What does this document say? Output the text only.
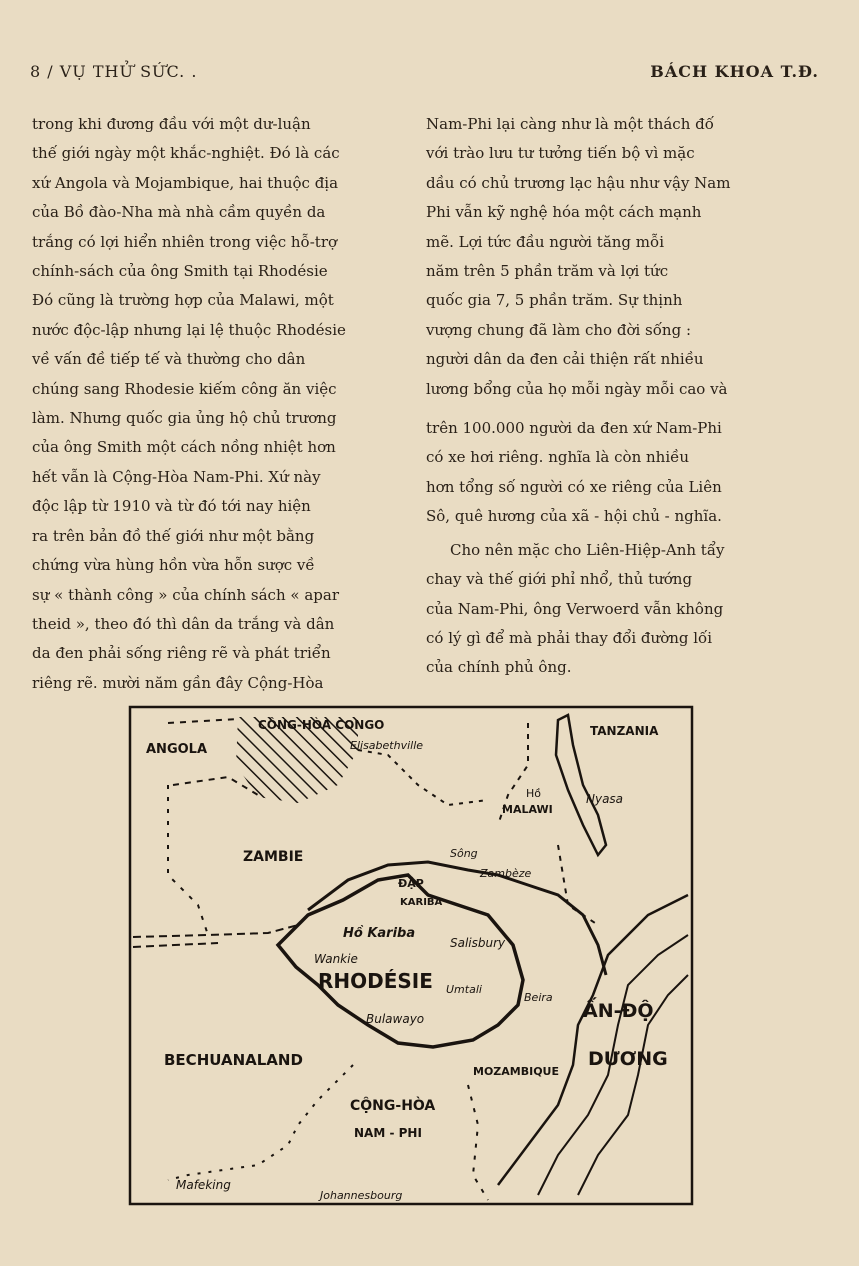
8 / VỤ THỬ SỨC. .	BÁCH KHOA T.Đ.

trong khi đương đầu với một dư-luận
thế giới ngày một khắc-nghiệt. Đó là các
xứ Angola và Mojambique, hai thuộc địa
của Bồ đào-Nha mà nhà cầm quyền da
trắng có lợi hiển nhiên trong việc hỗ-trợ
chính-sách của ông Smith tại Rhodésie
Đó cũng là trường hợp của Malawi, một
nước độc-lập nhưng lại lệ thuộc Rhodésie
về vấn đề tiếp tế và thường cho dân
chúng sang Rhodesie kiếm công ăn việc
làm. Nhưng quốc gia ủng hộ chủ trương
của ông Smith một cách nồng nhiệt hơn
hết vẫn là Cộng-Hòa Nam-Phi. Xứ này
độc lập từ 1910 và từ đó tới nay hiện
ra trên bản đồ thế giới như một bằng
chứng vừa hùng hồn vừa hỗn sược về
sự « thành công » của chính sách « apar
theid », theo đó thì dân da trắng và dân
da đen phải sống riêng rẽ và phát triển
riêng rẽ. mười năm gần đây Cộng-Hòa

Nam-Phi lại càng như là một thách đố
với trào lưu tư tưởng tiến bộ vì mặc
dầu có chủ trương lạc hậu như vậy Nam
Phi vẫn kỹ nghệ hóa một cách mạnh
mẽ. Lợi tức đầu người tăng mỗi
năm trên 5 phần trăm và lợi tức
quốc gia 7, 5 phần trăm. Sự thịnh
vượng chung đã làm cho đời sống :
người dân da đen cải thiện rất nhiều
lương bổng của họ mỗi ngày mỗi cao và

trên 100.000 người da đen xứ Nam-Phi
có xe hơi riêng. nghĩa là còn nhiều
hơn tổng số người có xe riêng của Liên
Sô, quê hương của xã - hội chủ - nghĩa.

Cho nên mặc cho Liên-Hiệp-Anh tẩy
chay và thế giới phỉ nhổ, thủ tướng
của Nam-Phi, ông Verwoerd vẫn không
có lý gì để mà phải thay đổi đường lối
của chính phủ ông.

CÔNG-HÒA CONGO
ANGOLA	Elisabethville
TANZANIA
Hồ
MALAWI
Nyasa
ZAMBIE	Sông
Zambèze
ĐẬP
KARIBA
Hồ Kariba
Salisbury
Wankie
RHODÉSIE Umtali
Beira
Bulawayo	ẤN-ĐỘ
DƯƠNG
BECHUANALAND
MOZAMBIQUE
CỘNG-HÒA
NAM - PHI
Mafeking
Johannesbourg
